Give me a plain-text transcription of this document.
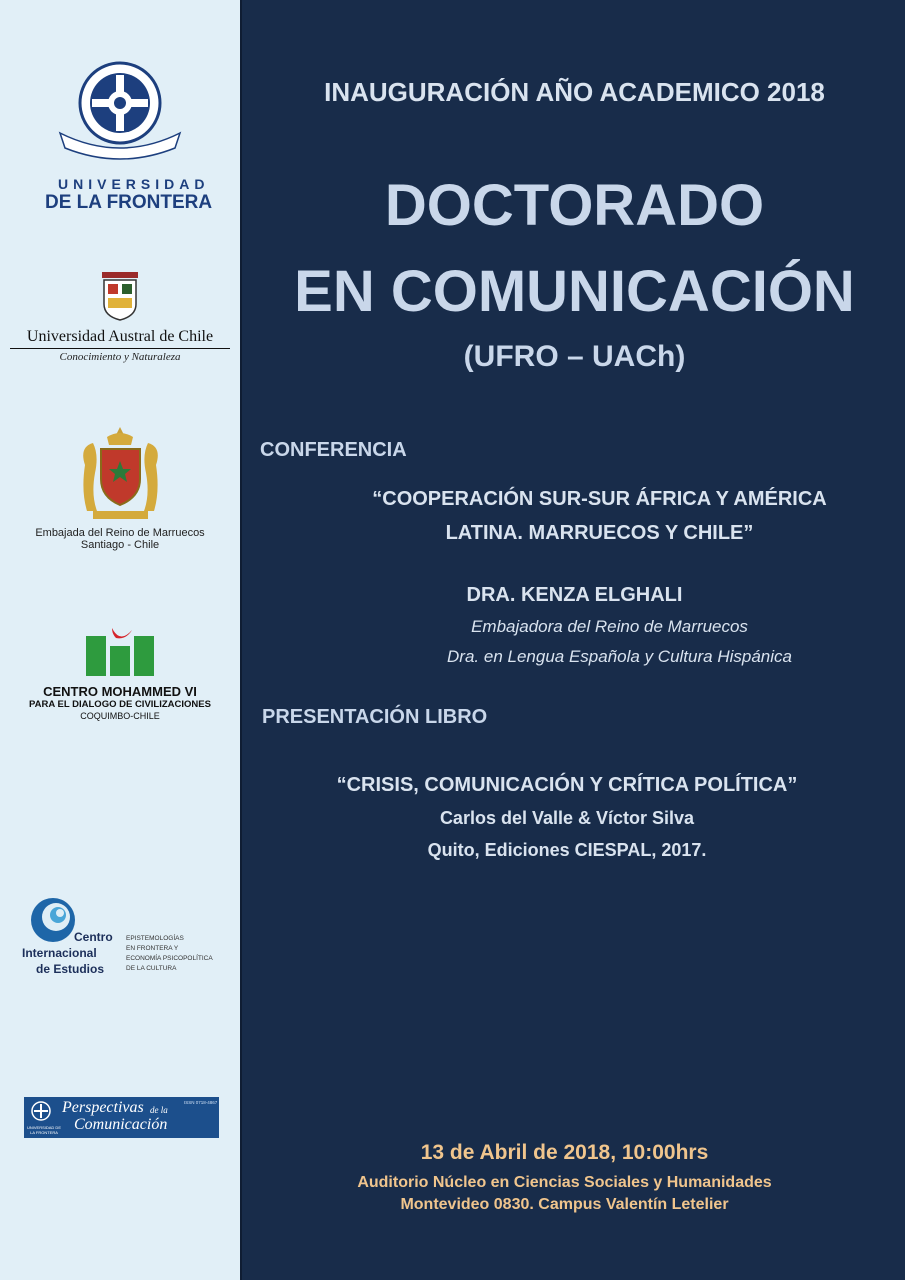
UNIVERSIDAD
DE LA FRONTERA
Universidad Austral de Chile
Conocimiento y Naturaleza
Embajada del Reino de Marruecos
Santiago - Chile
CENTRO MOHAMMED VI
PARA EL DIALOGO DE CIVILIZACIONES
COQUIMBO-CHILE
Centro
Internacional
de Estudios
EPISTEMOLOGÍAS
EN FRONTERA Y
ECONOMÍA PSICOPOLÍTICA
DE LA CULTURA
UNIVERSIDAD DE LA FRONTERA
Perspectivas de la
Comunicación
ISSN 0718-4867
INAUGURACIÓN AÑO ACADEMICO 2018
DOCTORADO
EN COMUNICACIÓN
(UFRO – UACh)
CONFERENCIA
“COOPERACIÓN SUR-SUR ÁFRICA Y AMÉRICA
LATINA. MARRUECOS Y CHILE”
DRA. KENZA ELGHALI
Embajadora del Reino de Marruecos
Dra. en Lengua Española y Cultura Hispánica
PRESENTACIÓN LIBRO
“CRISIS, COMUNICACIÓN Y CRÍTICA POLÍTICA”
Carlos del Valle & Víctor Silva
Quito, Ediciones CIESPAL, 2017.
13 de Abril de 2018, 10:00hrs
Auditorio Núcleo en Ciencias Sociales y Humanidades
Montevideo 0830. Campus Valentín Letelier
